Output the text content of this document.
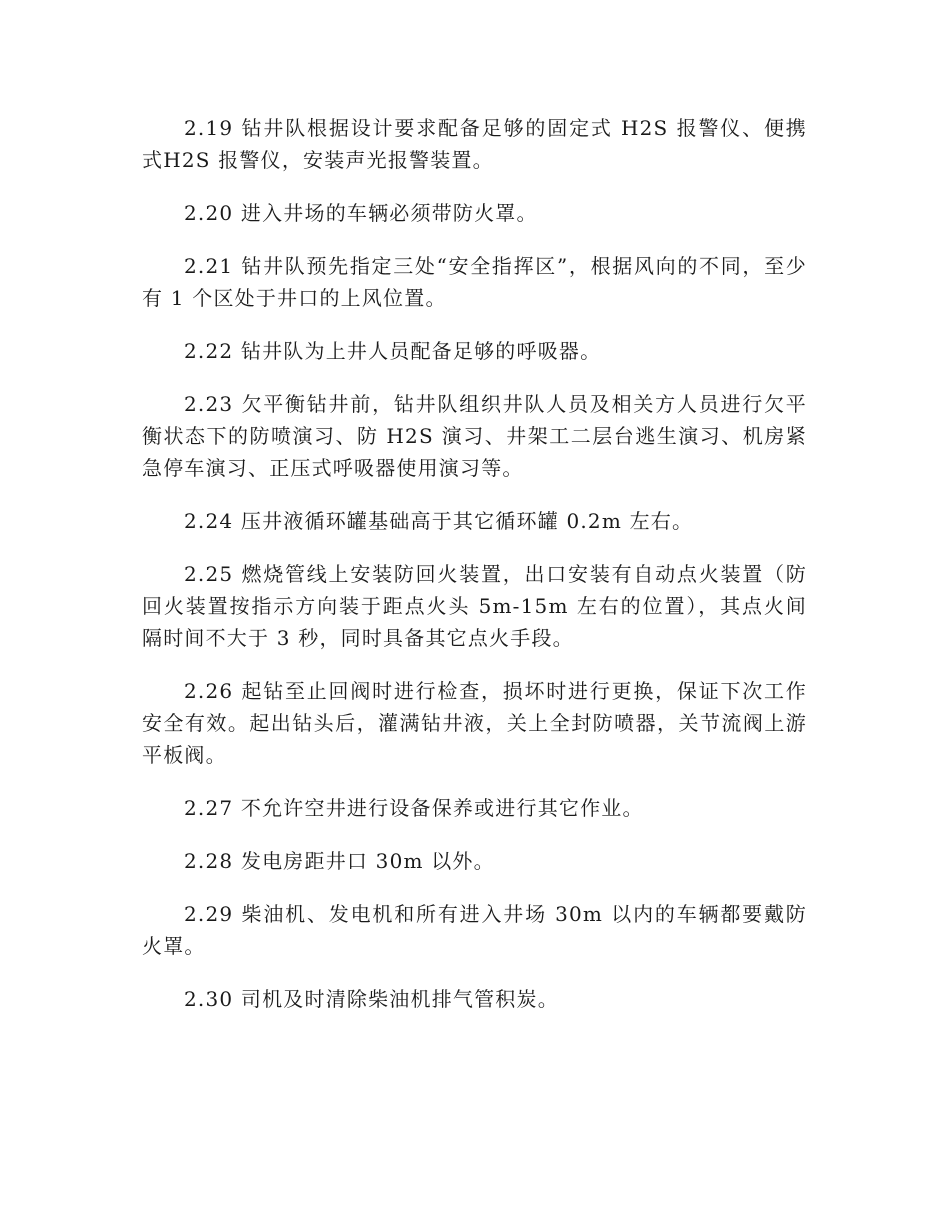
2.19 钻井队根据设计要求配备足够的固定式 H2S 报警仪、便携式H2S 报警仪，安装声光报警装置。

2.20 进入井场的车辆必须带防火罩。

2.21 钻井队预先指定三处“安全指挥区”，根据风向的不同，至少有 1 个区处于井口的上风位置。

2.22 钻井队为上井人员配备足够的呼吸器。

2.23 欠平衡钻井前，钻井队组织井队人员及相关方人员进行欠平衡状态下的防喷演习、防 H2S 演习、井架工二层台逃生演习、机房紧急停车演习、正压式呼吸器使用演习等。

2.24 压井液循环罐基础高于其它循环罐 0.2m 左右。

2.25 燃烧管线上安装防回火装置，出口安装有自动点火装置（防回火装置按指示方向装于距点火头 5m-15m 左右的位置），其点火间隔时间不大于 3 秒，同时具备其它点火手段。

2.26 起钻至止回阀时进行检查，损坏时进行更换，保证下次工作安全有效。起出钻头后，灌满钻井液，关上全封防喷器，关节流阀上游平板阀。

2.27 不允许空井进行设备保养或进行其它作业。

2.28 发电房距井口 30m 以外。

2.29 柴油机、发电机和所有进入井场 30m 以内的车辆都要戴防火罩。

2.30 司机及时清除柴油机排气管积炭。
